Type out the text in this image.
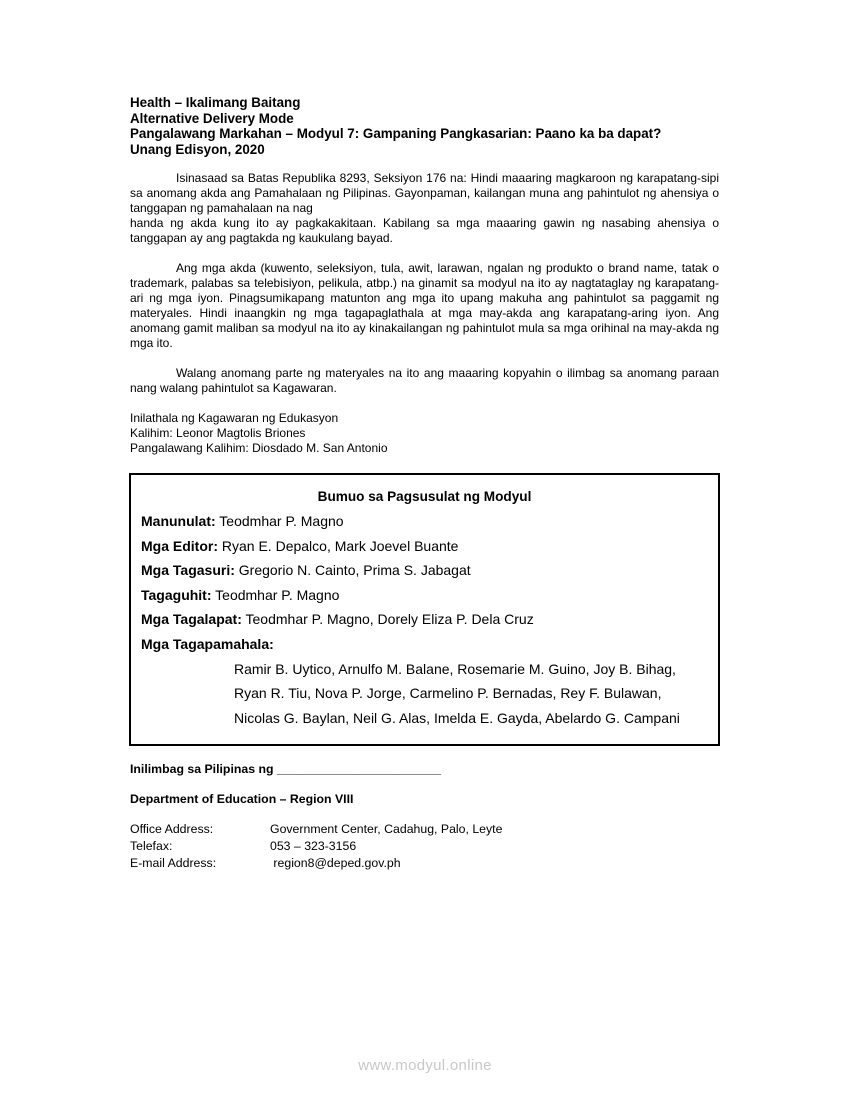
Health – Ikalimang Baitang
Alternative Delivery Mode
Pangalawang Markahan – Modyul 7: Gampaning Pangkasarian: Paano ka ba dapat?
Unang Edisyon, 2020

Isinasaad sa Batas Republika 8293, Seksiyon 176 na: Hindi maaaring magkaroon ng karapatang-sipi sa anomang akda ang Pamahalaan ng Pilipinas. Gayonpaman, kailangan muna ang pahintulot ng ahensiya o tanggapan ng pamahalaan na nag

handa ng akda kung ito ay pagkakakitaan. Kabilang sa mga maaaring gawin ng nasabing ahensiya o tanggapan ay ang pagtakda ng kaukulang bayad.

Ang mga akda (kuwento, seleksiyon, tula, awit, larawan, ngalan ng produkto o brand name, tatak o trademark, palabas sa telebisiyon, pelikula, atbp.) na ginamit sa modyul na ito ay nagtataglay ng karapatang-ari ng mga iyon. Pinagsumikapang matunton ang mga ito upang makuha ang pahintulot sa paggamit ng materyales. Hindi inaangkin ng mga tagapaglathala at mga may-akda ang karapatang-aring iyon. Ang anomang gamit maliban sa modyul na ito ay kinakailangan ng pahintulot mula sa mga orihinal na may-akda ng mga ito.

Walang anomang parte ng materyales na ito ang maaaring kopyahin o ilimbag sa anomang paraan nang walang pahintulot sa Kagawaran.

Inilathala ng Kagawaran ng Edukasyon
Kalihim: Leonor Magtolis Briones
Pangalawang Kalihim: Diosdado M. San Antonio
Bumuo sa Pagsusulat ng Modyul
Manunulat: Teodmhar P. Magno
Mga Editor: Ryan E. Depalco, Mark Joevel Buante
Mga Tagasuri: Gregorio N. Cainto, Prima S. Jabagat
Tagaguhit: Teodmhar P. Magno
Mga Tagalapat: Teodmhar P. Magno, Dorely Eliza P. Dela Cruz
Mga Tagapamahala:
Ramir B. Uytico, Arnulfo M. Balane, Rosemarie M. Guino, Joy B. Bihag,
Ryan R. Tiu, Nova P. Jorge, Carmelino P. Bernadas, Rey F. Bulawan,
Nicolas G. Baylan, Neil G. Alas, Imelda E. Gayda, Abelardo G. Campani
Inilimbag sa Pilipinas ng ________________________
Department of Education – Region VIII
Office Address:	Government Center, Cadahug, Palo, Leyte
Telefax:	053 – 323-3156
E-mail Address:	region8@deped.gov.ph
www.modyul.online
